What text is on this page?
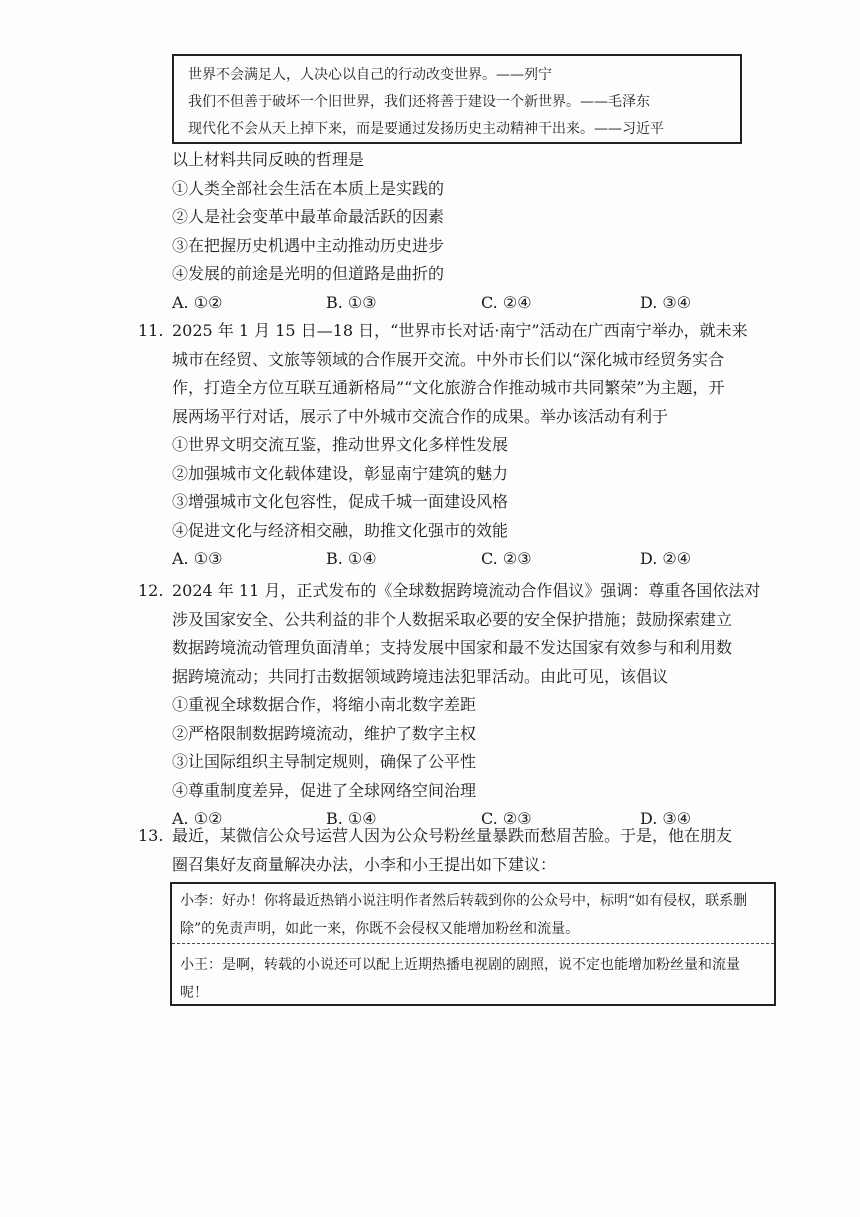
世界不会满足人，人决心以自己的行动改变世界。——列宁
我们不但善于破坏一个旧世界，我们还将善于建设一个新世界。——毛泽东
现代化不会从天上掉下来，而是要通过发扬历史主动精神干出来。——习近平
以上材料共同反映的哲理是
①人类全部社会生活在本质上是实践的
②人是社会变革中最革命最活跃的因素
③在把握历史机遇中主动推动历史进步
④发展的前途是光明的但道路是曲折的
A. ①②	B. ①③	C. ②④	D. ③④
11. 2025 年 1 月 15 日—18 日，“世界市长对话·南宁”活动在广西南宁举办，就未来
城市在经贸、文旅等领域的合作展开交流。中外市长们以“深化城市经贸务实合
作，打造全方位互联互通新格局”“文化旅游合作推动城市共同繁荣”为主题，开
展两场平行对话，展示了中外城市交流合作的成果。举办该活动有利于
①世界文明交流互鉴，推动世界文化多样性发展
②加强城市文化载体建设，彰显南宁建筑的魅力
③增强城市文化包容性，促成千城一面建设风格
④促进文化与经济相交融，助推文化强市的效能
A. ①③	B. ①④	C. ②③	D. ②④
12. 2024 年 11 月，正式发布的《全球数据跨境流动合作倡议》强调：尊重各国依法对
涉及国家安全、公共利益的非个人数据采取必要的安全保护措施；鼓励探索建立
数据跨境流动管理负面清单；支持发展中国家和最不发达国家有效参与和利用数
据跨境流动；共同打击数据领域跨境违法犯罪活动。由此可见，该倡议
①重视全球数据合作，将缩小南北数字差距
②严格限制数据跨境流动，维护了数字主权
③让国际组织主导制定规则，确保了公平性
④尊重制度差异，促进了全球网络空间治理
A. ①②	B. ①④	C. ②③	D. ③④
13. 最近，某微信公众号运营人因为公众号粉丝量暴跌而愁眉苦脸。于是，他在朋友
圈召集好友商量解决办法，小李和小王提出如下建议：
小李：好办！你将最近热销小说注明作者然后转载到你的公众号中，标明“如有侵权，联系删除”的免责声明，如此一来，你既不会侵权又能增加粉丝和流量。
小王：是啊，转载的小说还可以配上近期热播电视剧的剧照，说不定也能增加粉丝量和流量呢！
